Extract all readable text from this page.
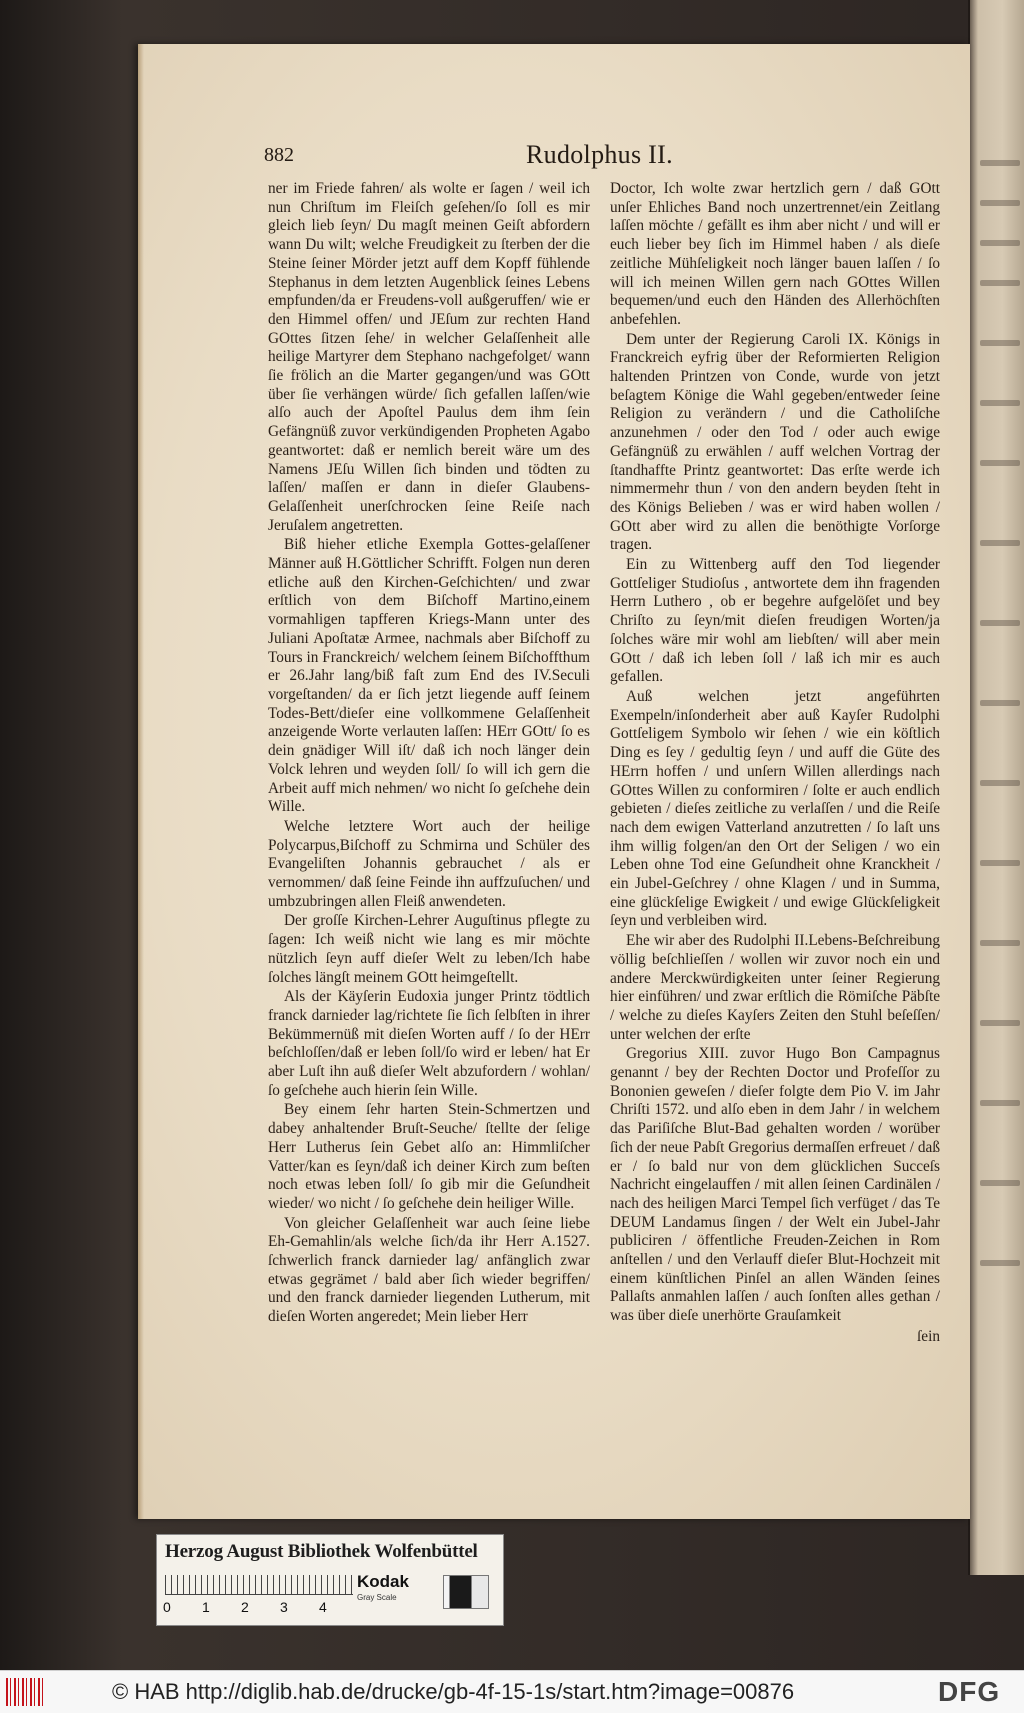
882	Rudolphus II.

ner im Friede fahren/ als wolte er ſagen / weil ich nun Chriſtum im Fleiſch geſehen/ſo ſoll es mir gleich lieb ſeyn/ Du magſt meinen Geiſt abfordern wann Du wilt; welche Freudigkeit zu ſterben der die Steine ſeiner Mörder jetzt auff dem Kopff fühlende Stephanus in dem letzten Augenblick ſeines Lebens empfunden/da er Freudens-voll außgeruffen/ wie er den Himmel offen/ und JEſum zur rechten Hand GOttes ſitzen ſehe/ in welcher Gelaſſenheit alle heilige Martyrer dem Stephano nachgefolget/ wann ſie frölich an die Marter gegangen/und was GOtt über ſie verhängen würde/ ſich gefallen laſſen/wie alſo auch der Apoſtel Paulus dem ihm ſein Gefängnüß zuvor verkündigenden Propheten Agabo geantwortet: daß er nemlich bereit wäre um des Namens JEſu Willen ſich binden und tödten zu laſſen/ maſſen er dann in dieſer Glaubens-Gelaſſenheit unerſchrocken ſeine Reiſe nach Jeruſalem angetretten.

Biß hieher etliche Exempla Gottes-gelaſſener Männer auß H.Göttlicher Schrifft. Folgen nun deren etliche auß den Kirchen-Geſchichten/ und zwar erſtlich von dem Biſchoff Martino,einem vormahligen tapfferen Kriegs-Mann unter des Juliani Apoſtatæ Armee, nachmals aber Biſchoff zu Tours in Franckreich/ welchem ſeinem Biſchoffthum er 26.Jahr lang/biß faſt zum End des IV.Seculi vorgeſtanden/ da er ſich jetzt liegende auff ſeinem Todes-Bett/dieſer eine vollkommene Gelaſſenheit anzeigende Worte verlauten laſſen: HErr GOtt/ ſo es dein gnädiger Will iſt/ daß ich noch länger dein Volck lehren und weyden ſoll/ ſo will ich gern die Arbeit auff mich nehmen/ wo nicht ſo geſchehe dein Wille.

Welche letztere Wort auch der heilige Polycarpus,Biſchoff zu Schmirna und Schüler des Evangeliſten Johannis gebrauchet / als er vernommen/ daß ſeine Feinde ihn auffzuſuchen/ und umbzubringen allen Fleiß anwendeten.

Der groſſe Kirchen-Lehrer Auguſtinus pflegte zu ſagen: Ich weiß nicht wie lang es mir möchte nützlich ſeyn auff dieſer Welt zu leben/Ich habe ſolches längſt meinem GOtt heimgeſtellt.

Als der Käyſerin Eudoxia junger Printz tödtlich franck darnieder lag/richtete ſie ſich ſelbſten in ihrer Bekümmernüß mit dieſen Worten auff / ſo der HErr beſchloſſen/daß er leben ſoll/ſo wird er leben/ hat Er aber Luſt ihn auß dieſer Welt abzufordern / wohlan/ ſo geſchehe auch hierin ſein Wille.

Bey einem ſehr harten Stein-Schmertzen und dabey anhaltender Bruſt-Seuche/ ſtellte der ſelige Herr Lutherus ſein Gebet alſo an: Himmliſcher Vatter/kan es ſeyn/daß ich deiner Kirch zum beſten noch etwas leben ſoll/ ſo gib mir die Geſundheit wieder/ wo nicht / ſo geſchehe dein heiliger Wille.

Von gleicher Gelaſſenheit war auch ſeine liebe Eh-Gemahlin/als welche ſich/da ihr Herr A.1527. ſchwerlich franck darnieder lag/ anfänglich zwar etwas gegrämet / bald aber ſich wieder begriffen/ und den franck darnieder liegenden Lutherum, mit dieſen Worten angeredet; Mein lieber Herr

Doctor, Ich wolte zwar hertzlich gern / daß GOtt unſer Ehliches Band noch unzertrennet/ein Zeitlang laſſen möchte / gefällt es ihm aber nicht / und will er euch lieber bey ſich im Himmel haben / als dieſe zeitliche Mühſeligkeit noch länger bauen laſſen / ſo will ich meinen Willen gern nach GOttes Willen bequemen/und euch den Händen des Allerhöchſten anbefehlen.

Dem unter der Regierung Caroli IX. Königs in Franckreich eyfrig über der Reformierten Religion haltenden Printzen von Conde, wurde von jetzt beſagtem Könige die Wahl gegeben/entweder ſeine Religion zu verändern / und die Catholiſche anzunehmen / oder den Tod / oder auch ewige Gefängnüß zu erwählen / auff welchen Vortrag der ſtandhaffte Printz geantwortet: Das erſte werde ich nimmermehr thun / von den andern beyden ſteht in des Königs Belieben / was er wird haben wollen / GOtt aber wird zu allen die benöthigte Vorſorge tragen.

Ein zu Wittenberg auff den Tod liegender Gottſeliger Studioſus , antwortete dem ihn fragenden Herrn Luthero , ob er begehre aufgelöſet und bey Chriſto zu ſeyn/mit dieſen freudigen Worten/ja ſolches wäre mir wohl am liebſten/ will aber mein GOtt / daß ich leben ſoll / laß ich mir es auch gefallen.

Auß welchen jetzt angeführten Exempeln/inſonderheit aber auß Kayſer Rudolphi Gottſeligem Symbolo wir ſehen / wie ein köſtlich Ding es ſey / gedultig ſeyn / und auff die Güte des HErrn hoffen / und unſern Willen allerdings nach GOttes Willen zu conformiren / ſolte er auch endlich gebieten / dieſes zeitliche zu verlaſſen / und die Reiſe nach dem ewigen Vatterland anzutretten / ſo laſt uns ihm willig folgen/an den Ort der Seligen / wo ein Leben ohne Tod eine Geſundheit ohne Kranckheit / ein Jubel-Geſchrey / ohne Klagen / und in Summa, eine glückſelige Ewigkeit / und ewige Glückſeligkeit ſeyn und verbleiben wird.

Ehe wir aber des Rudolphi II.Lebens-Beſchreibung völlig beſchlieſſen / wollen wir zuvor noch ein und andere Merckwürdigkeiten unter ſeiner Regierung hier einführen/ und zwar erſtlich die Römiſche Päbſte / welche zu dieſes Kayſers Zeiten den Stuhl beſeſſen/ unter welchen der erſte

Gregorius XIII. zuvor Hugo Bon Campagnus genannt / bey der Rechten Doctor und Profeſſor zu Bononien geweſen / dieſer folgte dem Pio V. im Jahr Chriſti 1572. und alſo eben in dem Jahr / in welchem das Pariſiſche Blut-Bad gehalten worden / worüber ſich der neue Pabſt Gregorius dermaſſen erfreuet / daß er / ſo bald nur von dem glücklichen Succeſs Nachricht eingelauffen / mit allen ſeinen Cardinälen / nach des heiligen Marci Tempel ſich verfüget / das Te DEUM Landamus ſingen / der Welt ein Jubel-Jahr publiciren / öffentliche Freuden-Zeichen in Rom anſtellen / und den Verlauff dieſer Blut-Hochzeit mit einem künſtlichen Pinſel an allen Wänden ſeines Pallaſts anmahlen laſſen / auch ſonſten alles gethan / was über dieſe unerhörte Grauſamkeit

ſein

Herzog August Bibliothek Wolfenbüttel
0 1 2 3 4
Kodak
Gray Scale
© HAB http://diglib.hab.de/drucke/gb-4f-15-1s/start.htm?image=00876	DFG
